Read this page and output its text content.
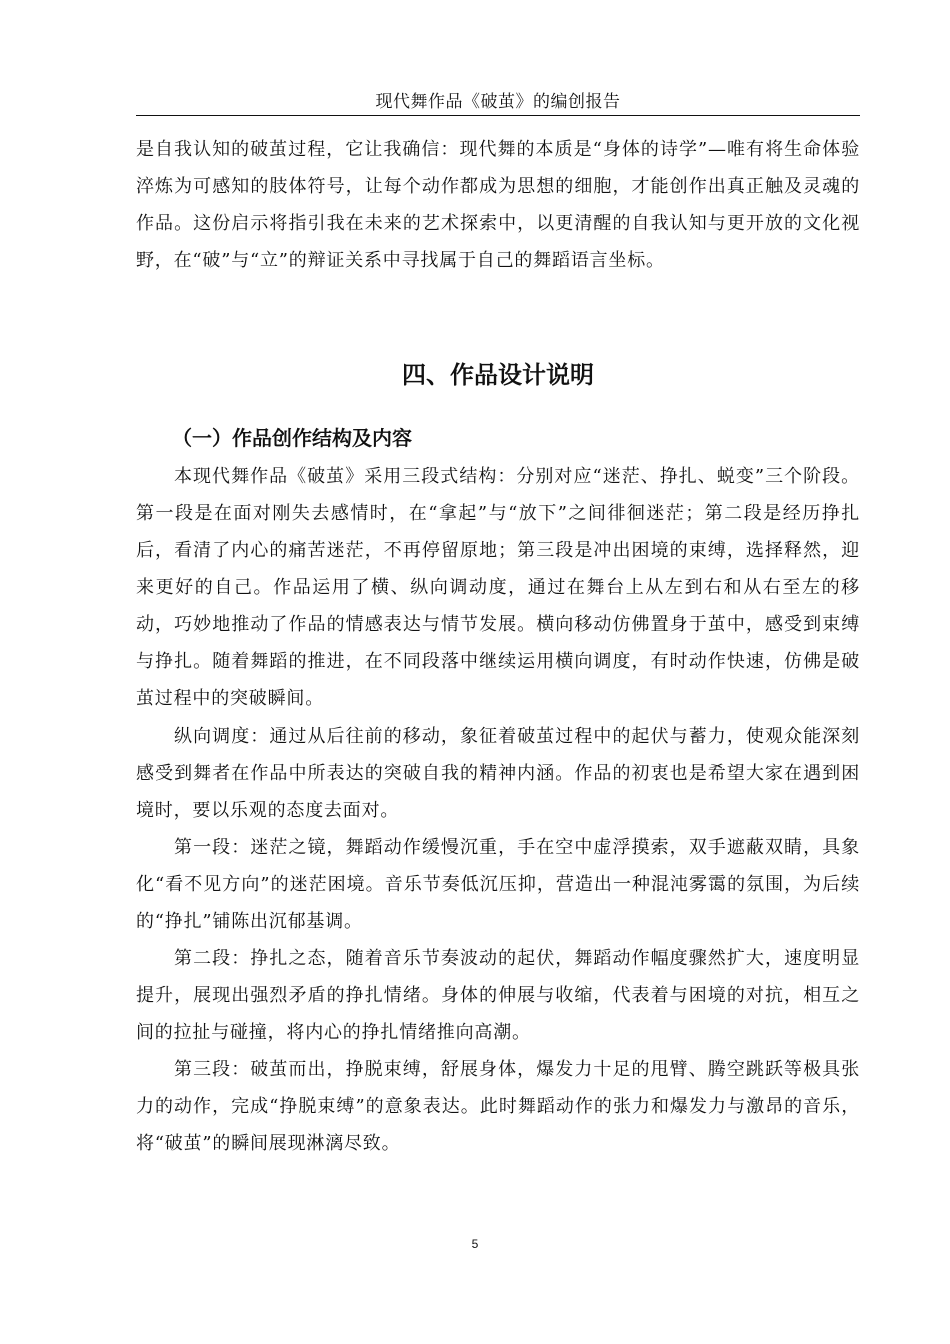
现代舞作品《破茧》的编创报告

是自我认知的破茧过程，它让我确信：现代舞的本质是“身体的诗学”—唯有将生命体验淬炼为可感知的肢体符号，让每个动作都成为思想的细胞，才能创作出真正触及灵魂的作品。这份启示将指引我在未来的艺术探索中，以更清醒的自我认知与更开放的文化视野，在“破”与“立”的辩证关系中寻找属于自己的舞蹈语言坐标。

四、作品设计说明
（一）作品创作结构及内容

本现代舞作品《破茧》采用三段式结构：分别对应“迷茫、挣扎、蜕变”三个阶段。第一段是在面对刚失去感情时，在“拿起”与“放下”之间徘徊迷茫；第二段是经历挣扎后，看清了内心的痛苦迷茫，不再停留原地；第三段是冲出困境的束缚，选择释然，迎来更好的自己。作品运用了横、纵向调动度，通过在舞台上从左到右和从右至左的移动，巧妙地推动了作品的情感表达与情节发展。横向移动仿佛置身于茧中，感受到束缚与挣扎。随着舞蹈的推进，在不同段落中继续运用横向调度，有时动作快速，仿佛是破茧过程中的突破瞬间。

纵向调度：通过从后往前的移动，象征着破茧过程中的起伏与蓄力，使观众能深刻感受到舞者在作品中所表达的突破自我的精神内涵。作品的初衷也是希望大家在遇到困境时，要以乐观的态度去面对。

第一段：迷茫之镜，舞蹈动作缓慢沉重，手在空中虚浮摸索，双手遮蔽双睛，具象化“看不见方向”的迷茫困境。音乐节奏低沉压抑，营造出一种混沌雾霭的氛围，为后续的“挣扎”铺陈出沉郁基调。

第二段：挣扎之态，随着音乐节奏波动的起伏，舞蹈动作幅度骤然扩大，速度明显提升，展现出强烈矛盾的挣扎情绪。身体的伸展与收缩，代表着与困境的对抗，相互之间的拉扯与碰撞，将内心的挣扎情绪推向高潮。

第三段：破茧而出，挣脱束缚，舒展身体，爆发力十足的甩臂、腾空跳跃等极具张力的动作，完成“挣脱束缚”的意象表达。此时舞蹈动作的张力和爆发力与激昂的音乐，将“破茧”的瞬间展现淋漓尽致。

5
